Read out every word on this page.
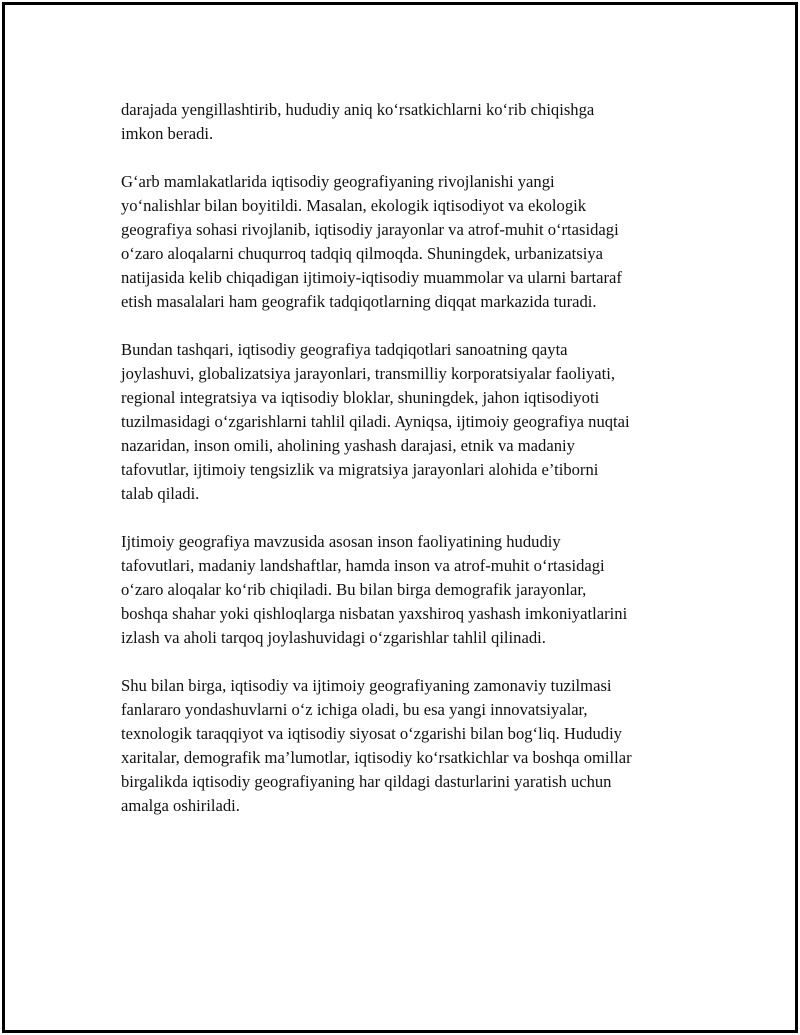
darajada yengillashtirib, hududiy aniq ko‘rsatkichlarni ko‘rib chiqishga
imkon beradi.

G‘arb mamlakatlarida iqtisodiy geografiyaning rivojlanishi yangi
yo‘nalishlar bilan boyitildi. Masalan, ekologik iqtisodiyot va ekologik
geografiya sohasi rivojlanib, iqtisodiy jarayonlar va atrof-muhit o‘rtasidagi
o‘zaro aloqalarni chuqurroq tadqiq qilmoqda. Shuningdek, urbanizatsiya
natijasida kelib chiqadigan ijtimoiy-iqtisodiy muammolar va ularni bartaraf
etish masalalari ham geografik tadqiqotlarning diqqat markazida turadi.

Bundan tashqari, iqtisodiy geografiya tadqiqotlari sanoatning qayta
joylashuvi, globalizatsiya jarayonlari, transmilliy korporatsiyalar faoliyati,
regional integratsiya va iqtisodiy bloklar, shuningdek, jahon iqtisodiyoti
tuzilmasidagi o‘zgarishlarni tahlil qiladi. Ayniqsa, ijtimoiy geografiya nuqtai
nazaridan, inson omili, aholining yashash darajasi, etnik va madaniy
tafovutlar, ijtimoiy tengsizlik va migratsiya jarayonlari alohida e’tiborni
talab qiladi.

Ijtimoiy geografiya mavzusida asosan inson faoliyatining hududiy
tafovutlari, madaniy landshaftlar, hamda inson va atrof-muhit o‘rtasidagi
o‘zaro aloqalar ko‘rib chiqiladi. Bu bilan birga demografik jarayonlar,
boshqa shahar yoki qishloqlarga nisbatan yaxshiroq yashash imkoniyatlarini
izlash va aholi tarqoq joylashuvidagi o‘zgarishlar tahlil qilinadi.

Shu bilan birga, iqtisodiy va ijtimoiy geografiyaning zamonaviy tuzilmasi
fanlararo yondashuvlarni o‘z ichiga oladi, bu esa yangi innovatsiyalar,
texnologik taraqqiyot va iqtisodiy siyosat o‘zgarishi bilan bog‘liq. Hududiy
xaritalar, demografik ma’lumotlar, iqtisodiy ko‘rsatkichlar va boshqa omillar
birgalikda iqtisodiy geografiyaning har qildagi dasturlarini yaratish uchun
amalga oshiriladi.
